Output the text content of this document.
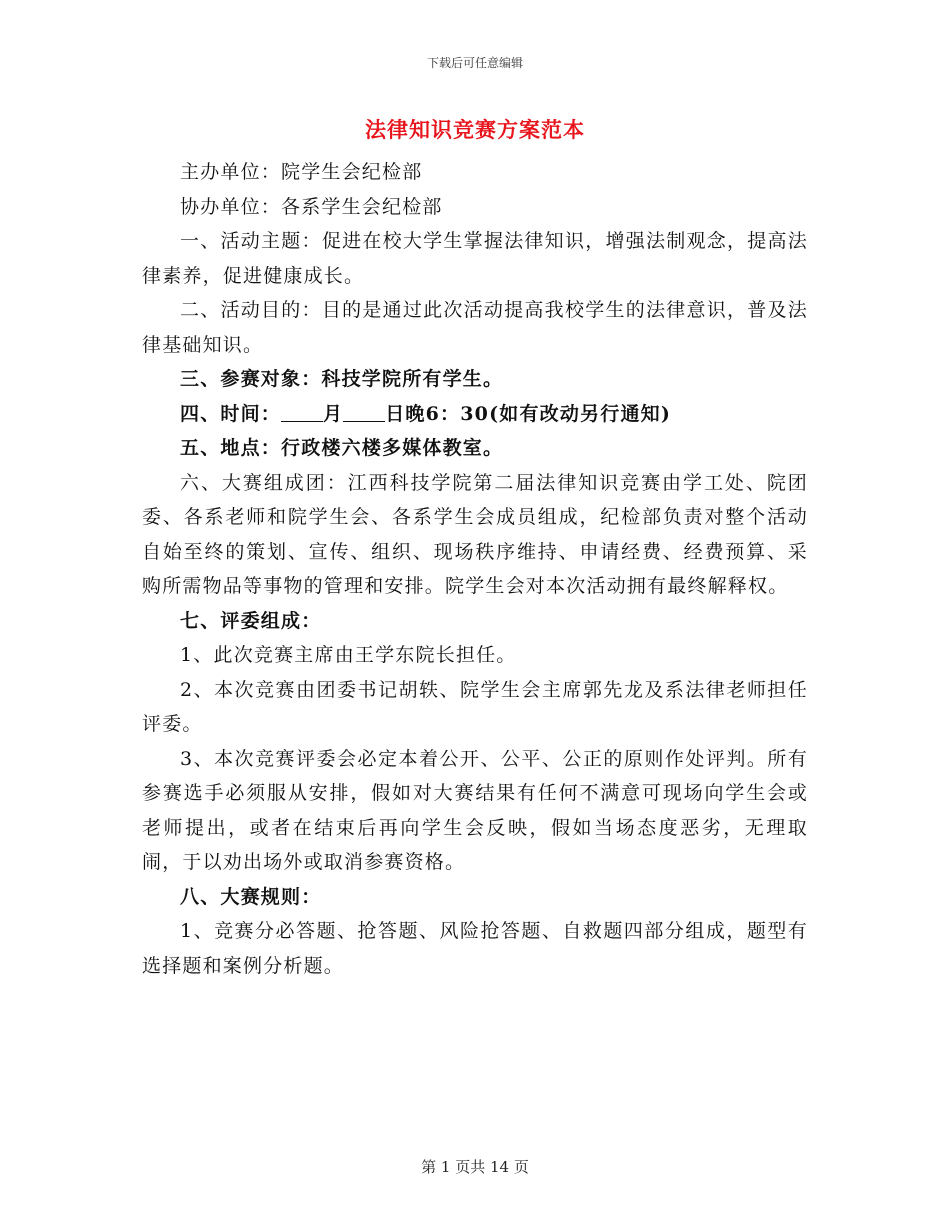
下载后可任意编辑
法律知识竞赛方案范本

主办单位：院学生会纪检部

协办单位：各系学生会纪检部

一、活动主题：促进在校大学生掌握法律知识，增强法制观念，提高法律素养，促进健康成长。

二、活动目的：目的是通过此次活动提高我校学生的法律意识，普及法律基础知识。

三、参赛对象：科技学院所有学生。

四、时间： 月 日晚6：30(如有改动另行通知)

五、地点：行政楼六楼多媒体教室。

六、大赛组成团：江西科技学院第二届法律知识竞赛由学工处、院团委、各系老师和院学生会、各系学生会成员组成，纪检部负责对整个活动自始至终的策划、宣传、组织、现场秩序维持、申请经费、经费预算、采购所需物品等事物的管理和安排。院学生会对本次活动拥有最终解释权。

七、评委组成：

1、此次竞赛主席由王学东院长担任。

2、本次竞赛由团委书记胡轶、院学生会主席郭先龙及系法律老师担任评委。

3、本次竞赛评委会必定本着公开、公平、公正的原则作处评判。所有参赛选手必须服从安排，假如对大赛结果有任何不满意可现场向学生会或老师提出，或者在结束后再向学生会反映，假如当场态度恶劣，无理取闹，于以劝出场外或取消参赛资格。

八、大赛规则：

1、竞赛分必答题、抢答题、风险抢答题、自救题四部分组成，题型有选择题和案例分析题。

第 1 页共 14 页
